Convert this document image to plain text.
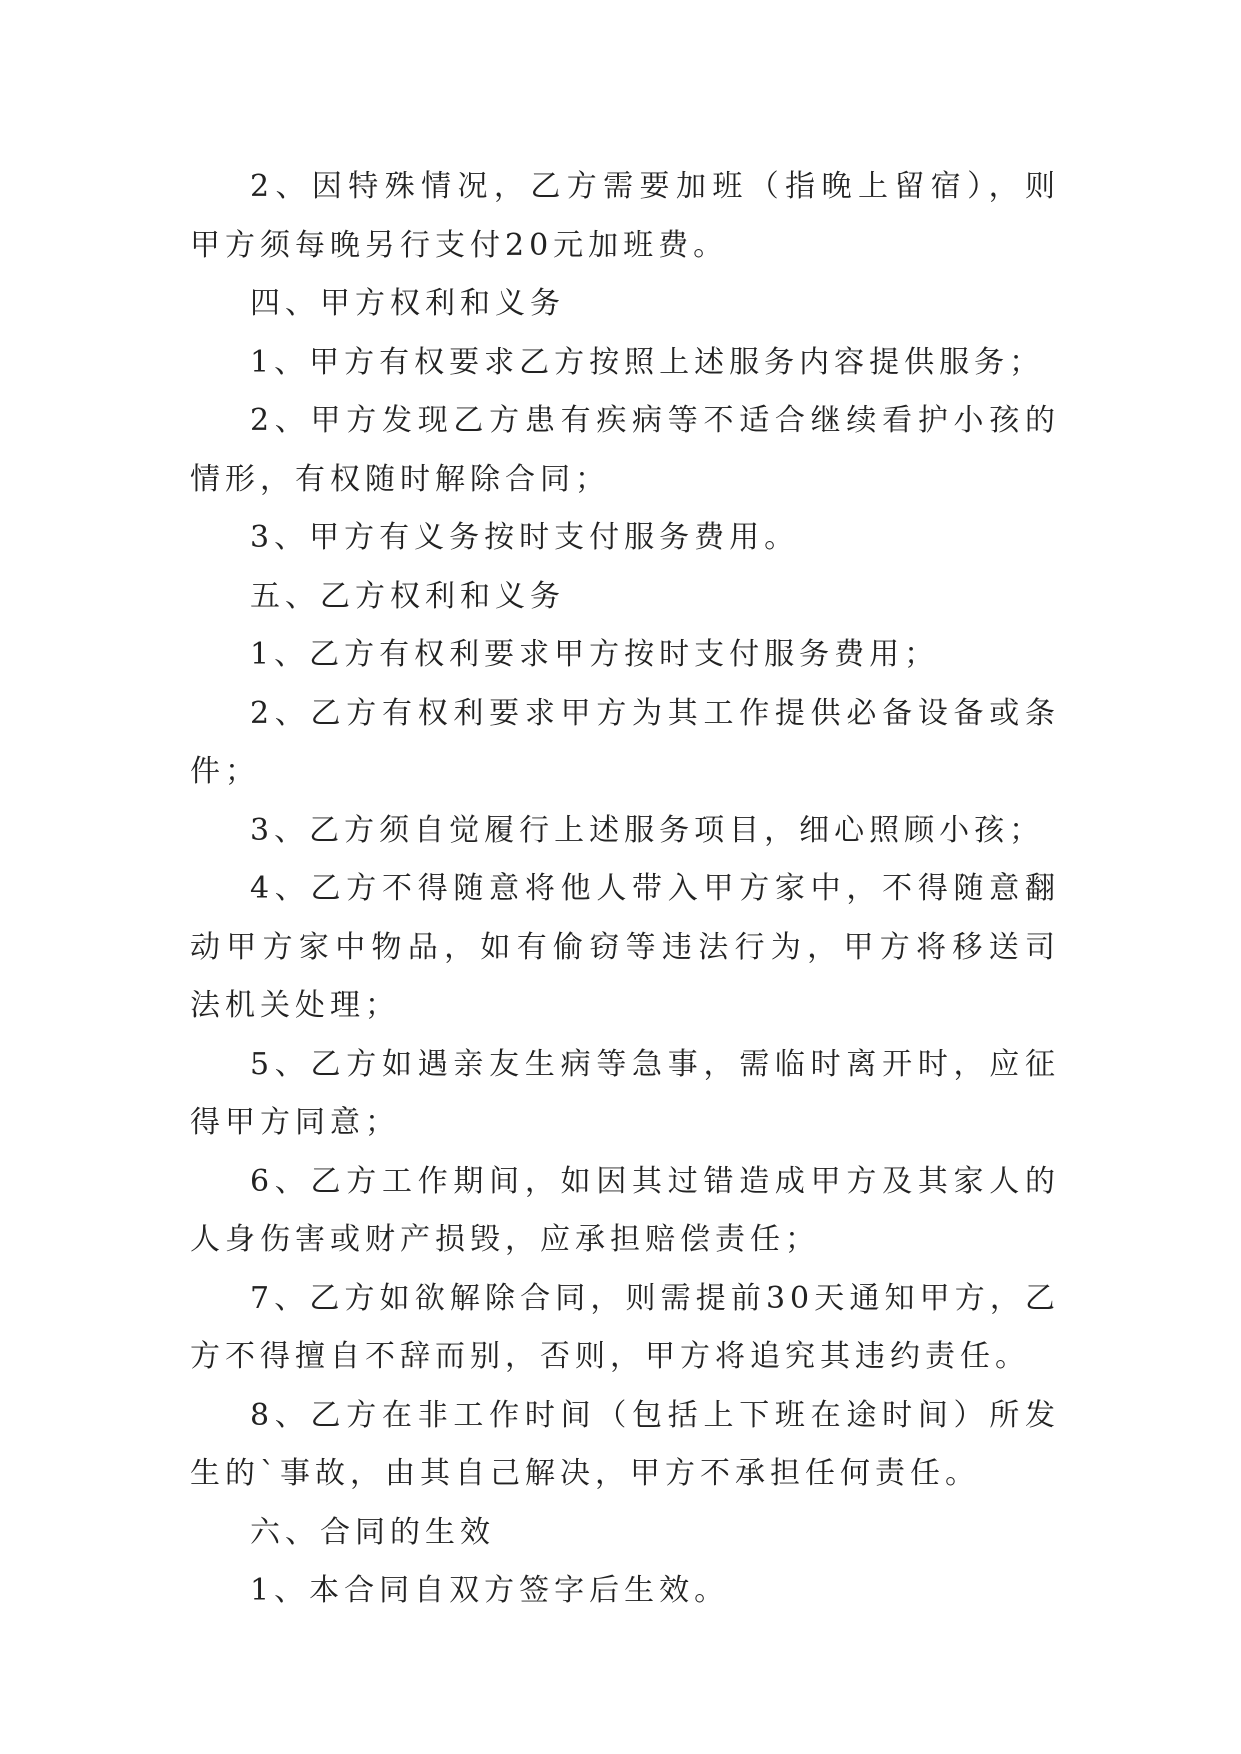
2、因特殊情况，乙方需要加班（指晚上留宿），则甲方须每晚另行支付20元加班费。

四、甲方权利和义务

1、甲方有权要求乙方按照上述服务内容提供服务；

2、甲方发现乙方患有疾病等不适合继续看护小孩的情形，有权随时解除合同；

3、甲方有义务按时支付服务费用。

五、乙方权利和义务

1、乙方有权利要求甲方按时支付服务费用；

2、乙方有权利要求甲方为其工作提供必备设备或条件；

3、乙方须自觉履行上述服务项目，细心照顾小孩；

4、乙方不得随意将他人带入甲方家中，不得随意翻动甲方家中物品，如有偷窃等违法行为，甲方将移送司法机关处理；

5、乙方如遇亲友生病等急事，需临时离开时，应征得甲方同意；

6、乙方工作期间，如因其过错造成甲方及其家人的人身伤害或财产损毁，应承担赔偿责任；

7、乙方如欲解除合同，则需提前30天通知甲方，乙方不得擅自不辞而别，否则，甲方将追究其违约责任。

8、乙方在非工作时间（包括上下班在途时间）所发生的`事故，由其自己解决，甲方不承担任何责任。

六、合同的生效

1、本合同自双方签字后生效。
